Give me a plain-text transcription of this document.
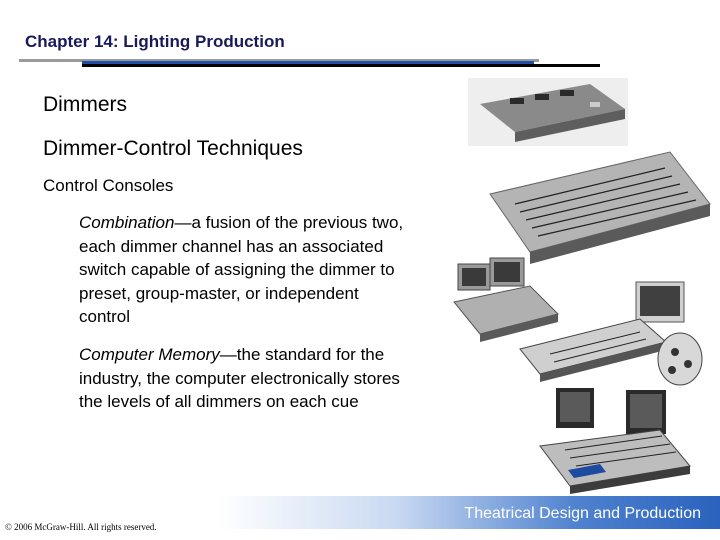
Chapter 14: Lighting Production
Dimmers
Dimmer-Control Techniques
Control Consoles
Combination—a fusion of the previous two, each dimmer channel has an associated switch capable of assigning the dimmer to preset, group-master, or independent control
Computer Memory—the standard for the industry, the computer electronically stores the levels of all dimmers on each cue
Theatrical Design and Production
© 2006 McGraw-Hill. All rights reserved.
